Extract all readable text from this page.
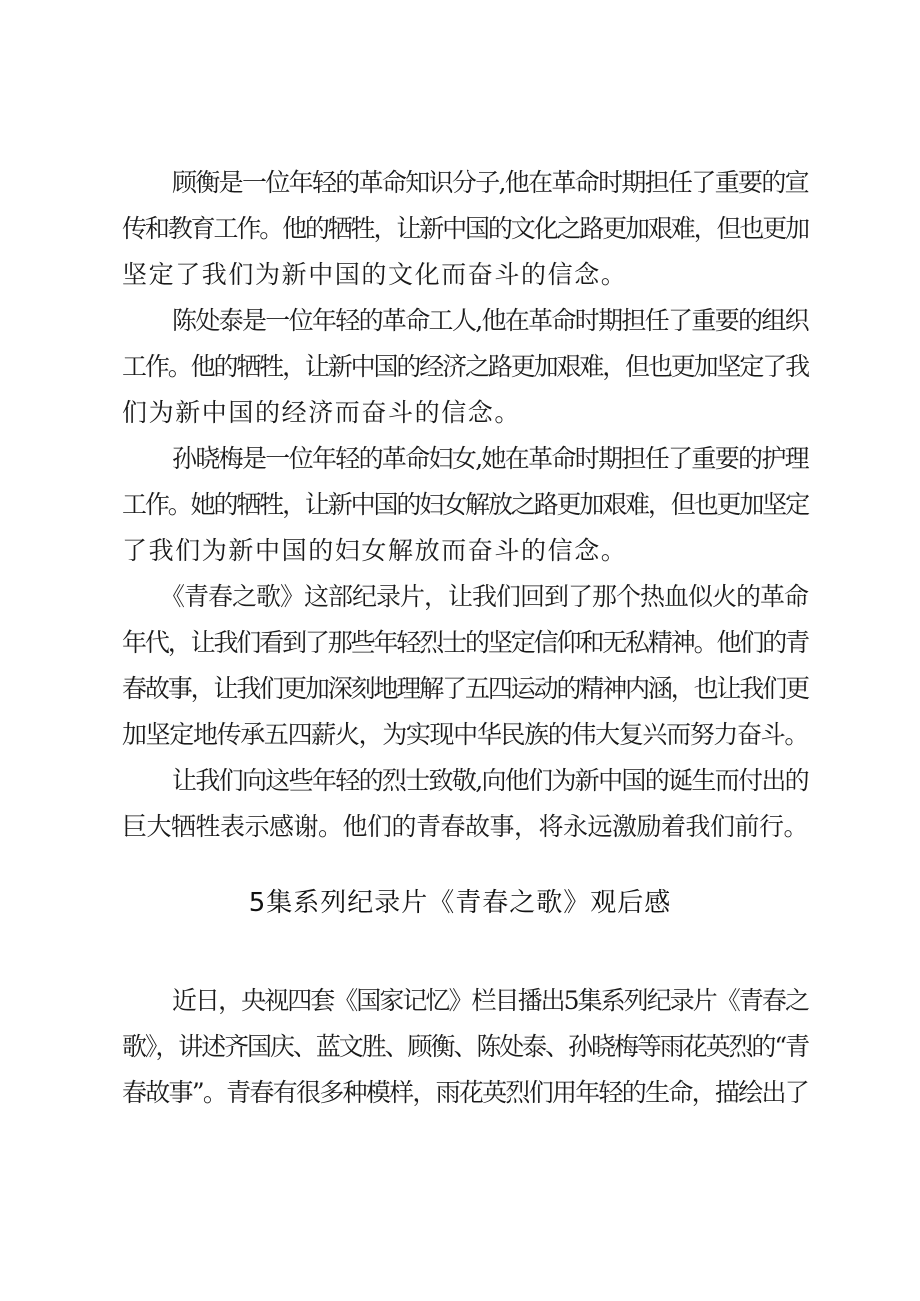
顾衡是一位年轻的革命知识分子,他在革命时期担任了重要的宣
传和教育工作。他的牺牲，让新中国的文化之路更加艰难，但也更加
坚定了我们为新中国的文化而奋斗的信念。
陈处泰是一位年轻的革命工人,他在革命时期担任了重要的组织
工作。他的牺牲，让新中国的经济之路更加艰难，但也更加坚定了我
们为新中国的经济而奋斗的信念。
孙晓梅是一位年轻的革命妇女,她在革命时期担任了重要的护理
工作。她的牺牲，让新中国的妇女解放之路更加艰难，但也更加坚定
了我们为新中国的妇女解放而奋斗的信念。
《青春之歌》这部纪录片，让我们回到了那个热血似火的革命
年代，让我们看到了那些年轻烈士的坚定信仰和无私精神。他们的青
春故事，让我们更加深刻地理解了五四运动的精神内涵，也让我们更
加坚定地传承五四薪火，为实现中华民族的伟大复兴而努力奋斗。
让我们向这些年轻的烈士致敬,向他们为新中国的诞生而付出的
巨大牺牲表示感谢。他们的青春故事，将永远激励着我们前行。
5集系列纪录片《青春之歌》观后感
近日，央视四套《国家记忆》栏目播出5集系列纪录片《青春之
歌》，讲述齐国庆、蓝文胜、顾衡、陈处泰、孙晓梅等雨花英烈的“青
春故事”。青春有很多种模样，雨花英烈们用年轻的生命，描绘出了
